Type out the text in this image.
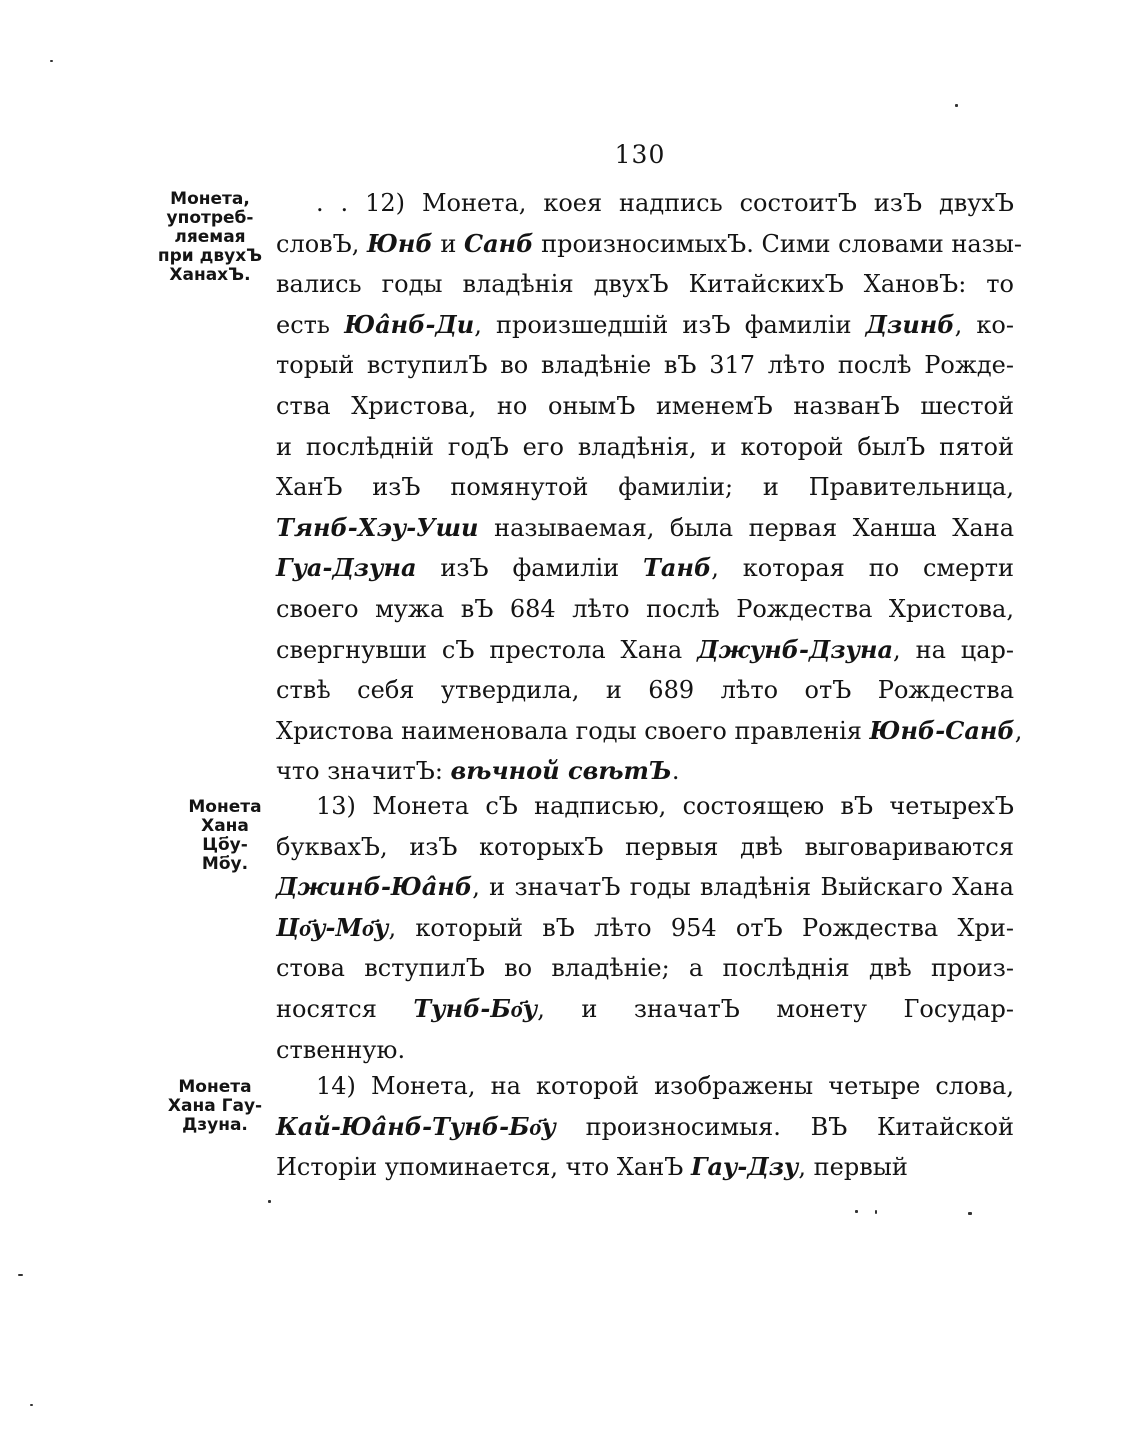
130
Монета,
употреб-
ляемая
при двухЪ
ХанахЪ.
Монета
Хана
Цо҃у-
Мо҃у.
Монета
Хана Гау-
Дзуна.
. . 12) Монета, коея надпись состоитЪ изЪ двухЪ
словЪ, Юнб и Санб произносимыхЪ. Сими словами назы-
вались годы владѣнія двухЪ КитайскихЪ ХановЪ: то
есть Юа̂нб-Ди, произшедшій изЪ фамиліи Дзинб, ко-
торый вступилЪ во владѣніе вЪ 317 лѣто послѣ Рожде-
ства Христова, но онымЪ именемЪ названЪ шестой
и послѣдній годЪ его владѣнія, и которой былЪ пятой
ХанЪ изЪ помянутой фамиліи; и Правительница,
Тянб-Хэу-Уши называемая, была первая Ханша Хана
Гуа-Дзуна изЪ фамиліи Танб, которая по смерти
своего мужа вЪ 684 лѣто послѣ Рождества Христова,
свергнувши сЪ престола Хана Джунб-Дзуна, на цар-
ствѣ себя утвердила, и 689 лѣто отЪ Рождества
Христова наименовала годы своего правленія Юнб-Санб,
что значитЪ: вѣчной свѣтЪ.
13) Монета сЪ надписью, состоящею вЪ четырехЪ
буквахЪ, изЪ которыхЪ первыя двѣ выговариваются
Джинб-Юа̂нб, и значатЪ годы владѣнія Выйскаго Хана
Цо҃у-Мо҃у, который вЪ лѣто 954 отЪ Рождества Хри-
стова вступилЪ во владѣніе; а послѣднія двѣ произ-
носятся Тунб-Бо҃у, и значатЪ монету Государ-
ственную.
14) Монета, на которой изображены четыре слова,
Кай-Юа̂нб-Тунб-Бо҃у произносимыя. ВЪ Китайской
Исторіи упоминается, что ХанЪ Гау-Дзу, первый
